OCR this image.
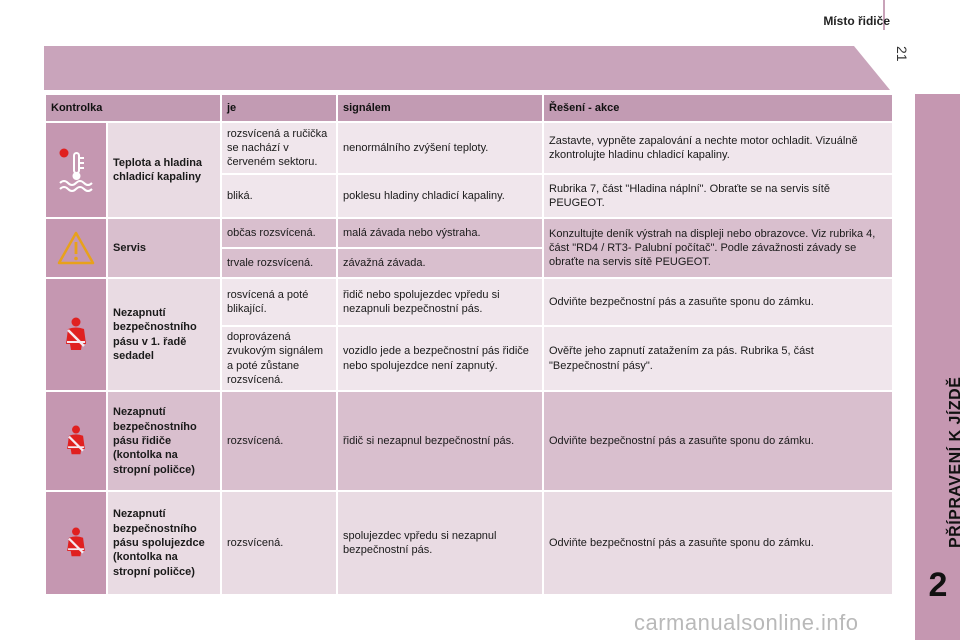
Místo řidiče
21
PŘÍPRAVENÍ K JÍZDĚ
2
Kontrolka		je	signálem	Řešení - akce
	Teplota a hladina chladicí kapaliny	rozsvícená a ručička se nachází v červeném sektoru.	nenormálního zvýšení teploty.	Zastavte, vypněte zapalování a nechte motor ochladit. Vizuálně zkontrolujte hladinu chladicí kapaliny.
		bliká.	poklesu hladiny chladicí kapaliny.	Rubrika 7, část "Hladina náplní". Obraťte se na servis sítě PEUGEOT.
	Servis	občas rozsvícená.	malá závada nebo výstraha.	Konzultujte deník výstrah na displeji nebo obrazovce. Viz rubrika 4, část "RD4 / RT3- Palubní počítač". Podle závažnosti závady se obraťte na servis sítě PEUGEOT.
		trvale rozsvícená.	závažná závada.	
	Nezapnutí bezpečnostního pásu v 1. řadě sedadel	rosvícená a poté blikající.	řidič nebo spolujezdec vpředu si nezapnuli bezpečnostní pás.	Odviňte bezpečnostní pás a zasuňte sponu do zámku.
		doprovázená zvukovým signálem a poté zůstane rozsvícená.	vozidlo jede a bezpečnostní pás řidiče nebo spolujezdce není zapnutý.	Ověřte jeho zapnutí zatažením za pás. Rubrika 5, část "Bezpečnostní pásy".
	Nezapnutí bezpečnostního pásu řidiče (kontolka na stropní poličce)	rozsvícená.	řidič si nezapnul bezpečnostní pás.	Odviňte bezpečnostní pás a zasuňte sponu do zámku.
	Nezapnutí bezpečnostního pásu spolujezdce (kontolka na stropní poličce)	rozsvícená.	spolujezdec vpředu si nezapnul bezpečnostní pás.	Odviňte bezpečnostní pás a zasuňte sponu do zámku.
carmanualsonline.info
